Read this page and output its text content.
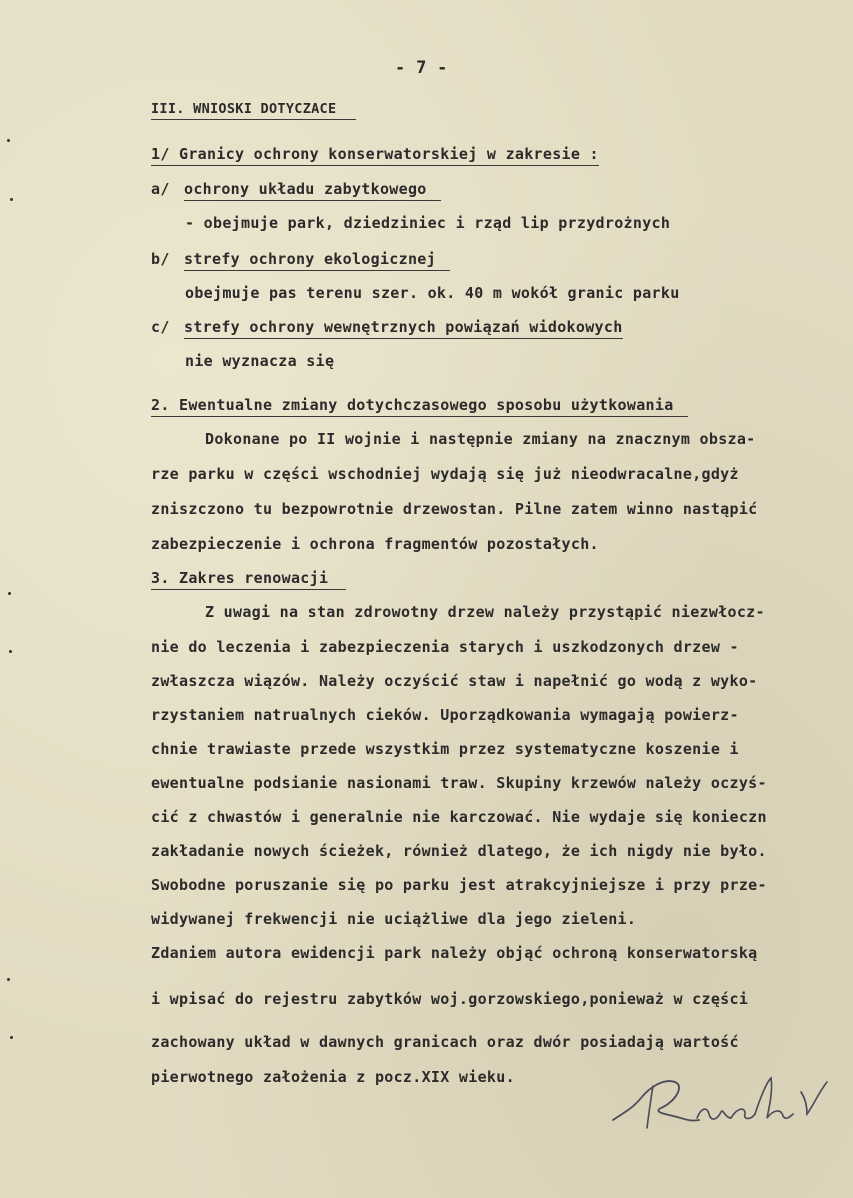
- 7 -
III. WNIOSKI DOTYCZACE
1/ Granicy ochrony konserwatorskiej w zakresie :
a/ ochrony układu zabytkowego
- obejmuje park, dziedziniec i rząd lip przydrożnych
b/ strefy ochrony ekologicznej
obejmuje pas terenu szer. ok. 40 m wokół granic parku
c/ strefy ochrony wewnętrznych powiązań widokowych
nie wyznacza się
2. Ewentualne zmiany dotychczasowego sposobu użytkowania
Dokonane po II wojnie i następnie zmiany na znacznym obsza-
rze parku w części wschodniej wydają się już nieodwracalne,gdyż
zniszczono tu bezpowrotnie drzewostan. Pilne zatem winno nastąpić
zabezpieczenie i ochrona fragmentów pozostałych.
3. Zakres renowacji
Z uwagi na stan zdrowotny drzew należy przystąpić niezwłocz-
nie do leczenia i zabezpieczenia starych i uszkodzonych drzew -
zwłaszcza wiązów. Należy oczyścić staw i napełnić go wodą z wyko-
rzystaniem natrualnych cieków. Uporządkowania wymagają powierz-
chnie trawiaste przede wszystkim przez systematyczne koszenie i
ewentualne podsianie nasionami traw. Skupiny krzewów należy oczyś-
cić z chwastów i generalnie nie karczować. Nie wydaje się konieczn
zakładanie nowych ścieżek, również dlatego, że ich nigdy nie było.
Swobodne poruszanie się po parku jest atrakcyjniejsze i przy prze-
widywanej frekwencji nie uciążliwe dla jego zieleni.
Zdaniem autora ewidencji park należy objąć ochroną konserwatorską
i wpisać do rejestru zabytków woj.gorzowskiego,ponieważ w części
zachowany układ w dawnych granicach oraz dwór posiadają wartość
pierwotnego założenia z pocz.XIX wieku.
